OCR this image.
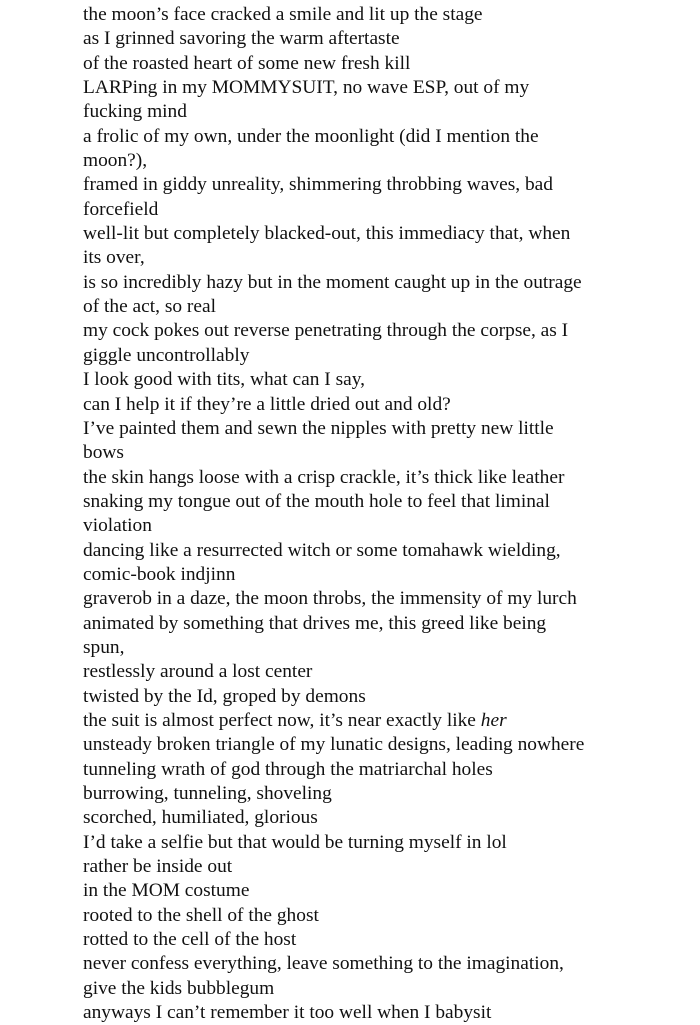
the moon’s face cracked a smile and lit up the stage
as I grinned savoring the warm aftertaste
of the roasted heart of some new fresh kill
LARPing in my MOMMYSUIT, no wave ESP, out of my
fucking mind
a frolic of my own, under the moonlight (did I mention the
moon?),
framed in giddy unreality, shimmering throbbing waves, bad
forcefield
well-lit but completely blacked-out, this immediacy that, when
its over,
is so incredibly hazy but in the moment caught up in the outrage
of the act, so real
my cock pokes out reverse penetrating through the corpse, as I
giggle uncontrollably
I look good with tits, what can I say,
can I help it if they’re a little dried out and old?
I’ve painted them and sewn the nipples with pretty new little
bows
the skin hangs loose with a crisp crackle, it’s thick like leather
snaking my tongue out of the mouth hole to feel that liminal
violation
dancing like a resurrected witch or some tomahawk wielding,
comic-book indjinn
graverob in a daze, the moon throbs, the immensity of my lurch
animated by something that drives me, this greed like being
spun,
restlessly around a lost center
twisted by the Id, groped by demons
the suit is almost perfect now, it’s near exactly like her
unsteady broken triangle of my lunatic designs, leading nowhere
tunneling wrath of god through the matriarchal holes
burrowing, tunneling, shoveling
scorched, humiliated, glorious
I’d take a selfie but that would be turning myself in lol
rather be inside out
in the MOM costume
rooted to the shell of the ghost
rotted to the cell of the host
never confess everything, leave something to the imagination,
give the kids bubblegum
anyways I can’t remember it too well when I babysit
